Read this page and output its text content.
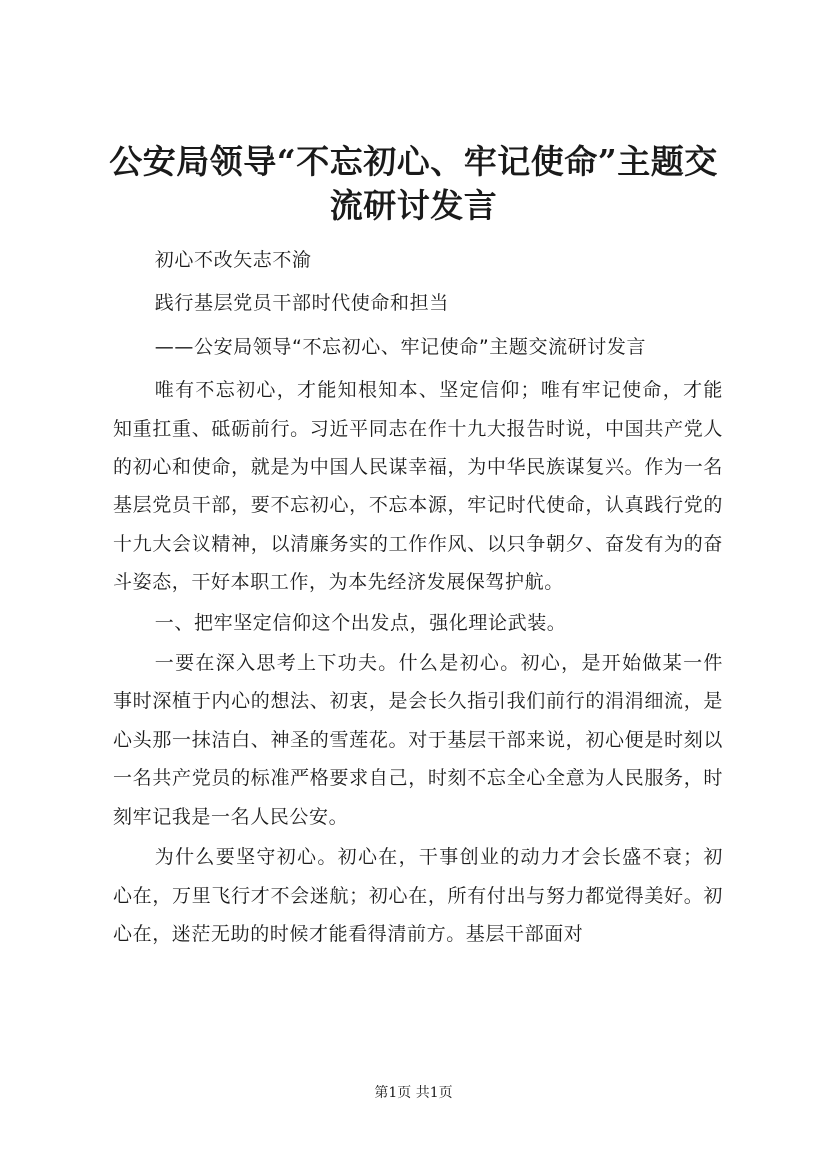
公安局领导“不忘初心、牢记使命”主题交流研讨发言

初心不改矢志不渝

践行基层党员干部时代使命和担当

——公安局领导“不忘初心、牢记使命”主题交流研讨发言

唯有不忘初心，才能知根知本、坚定信仰；唯有牢记使命，才能知重扛重、砥砺前行。习近平同志在作十九大报告时说，中国共产党人的初心和使命，就是为中国人民谋幸福，为中华民族谋复兴。作为一名基层党员干部，要不忘初心，不忘本源，牢记时代使命，认真践行党的十九大会议精神，以清廉务实的工作作风、以只争朝夕、奋发有为的奋斗姿态，干好本职工作，为本先经济发展保驾护航。

一、把牢坚定信仰这个出发点，强化理论武装。

一要在深入思考上下功夫。什么是初心。初心，是开始做某一件事时深植于内心的想法、初衷，是会长久指引我们前行的涓涓细流，是心头那一抹洁白、神圣的雪莲花。对于基层干部来说，初心便是时刻以一名共产党员的标准严格要求自己，时刻不忘全心全意为人民服务，时刻牢记我是一名人民公安。

为什么要坚守初心。初心在，干事创业的动力才会长盛不衰；初心在，万里飞行才不会迷航；初心在，所有付出与努力都觉得美好。初心在，迷茫无助的时候才能看得清前方。基层干部面对

第1页 共1页
